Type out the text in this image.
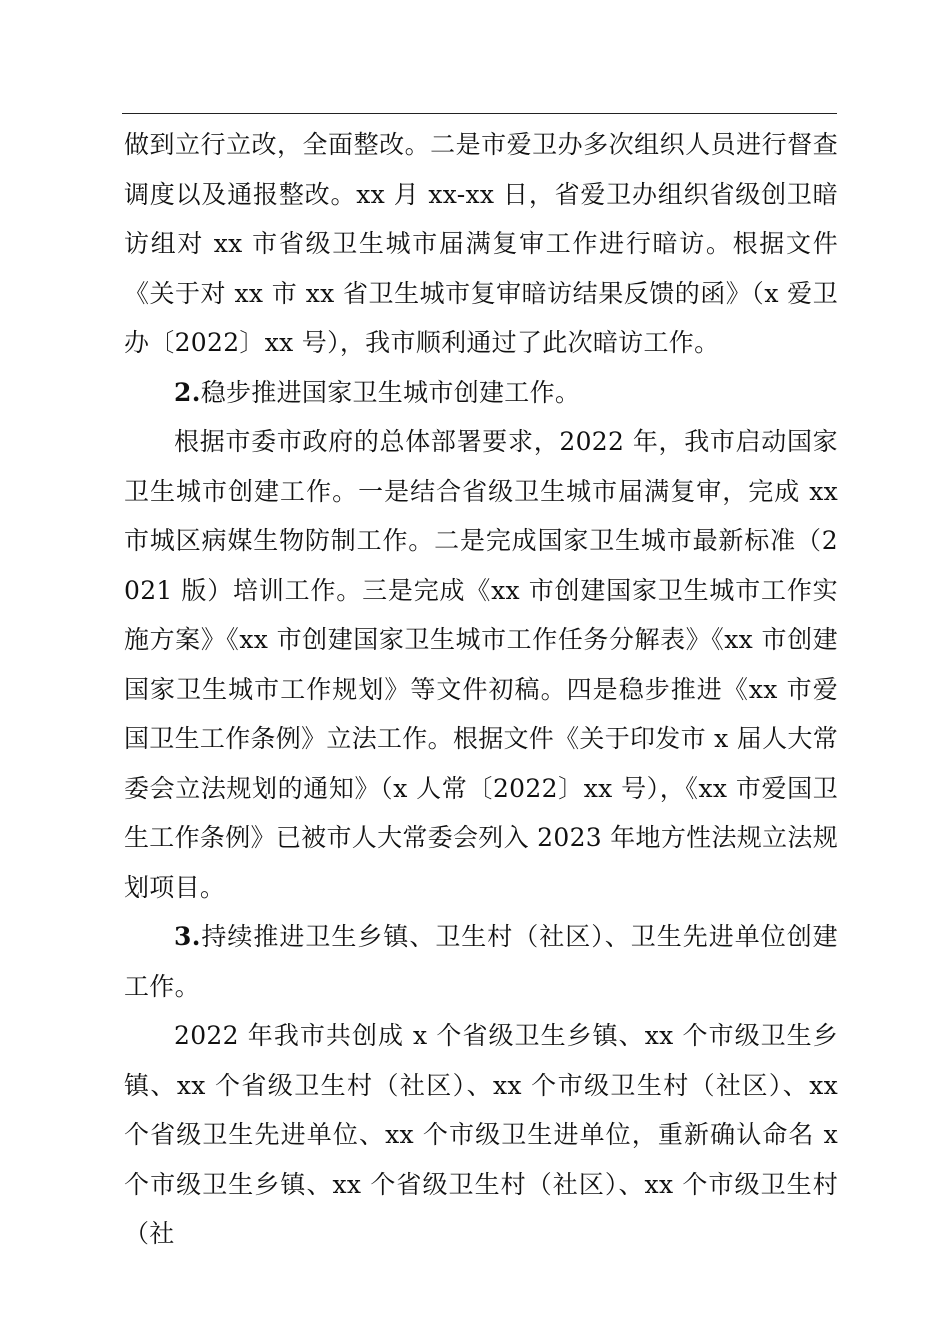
做到立行立改，全面整改。二是市爱卫办多次组织人员进行督查调度以及通报整改。xx 月 xx-xx 日，省爱卫办组织省级创卫暗访组对 xx 市省级卫生城市届满复审工作进行暗访。根据文件《关于对 xx 市 xx 省卫生城市复审暗访结果反馈的函》（x 爱卫办〔2022〕xx 号），我市顺利通过了此次暗访工作。

2.稳步推进国家卫生城市创建工作。

根据市委市政府的总体部署要求，2022 年，我市启动国家卫生城市创建工作。一是结合省级卫生城市届满复审，完成 xx 市城区病媒生物防制工作。二是完成国家卫生城市最新标准（2021 版）培训工作。三是完成《xx 市创建国家卫生城市工作实施方案》《xx 市创建国家卫生城市工作任务分解表》《xx 市创建国家卫生城市工作规划》等文件初稿。四是稳步推进《xx 市爱国卫生工作条例》立法工作。根据文件《关于印发市 x 届人大常委会立法规划的通知》（x 人常〔2022〕xx 号），《xx 市爱国卫生工作条例》已被市人大常委会列入 2023 年地方性法规立法规划项目。

3.持续推进卫生乡镇、卫生村（社区）、卫生先进单位创建工作。

2022 年我市共创成 x 个省级卫生乡镇、xx 个市级卫生乡镇、xx 个省级卫生村（社区）、xx 个市级卫生村（社区）、xx 个省级卫生先进单位、xx 个市级卫生进单位，重新确认命名 x 个市级卫生乡镇、xx 个省级卫生村（社区）、xx 个市级卫生村（社
